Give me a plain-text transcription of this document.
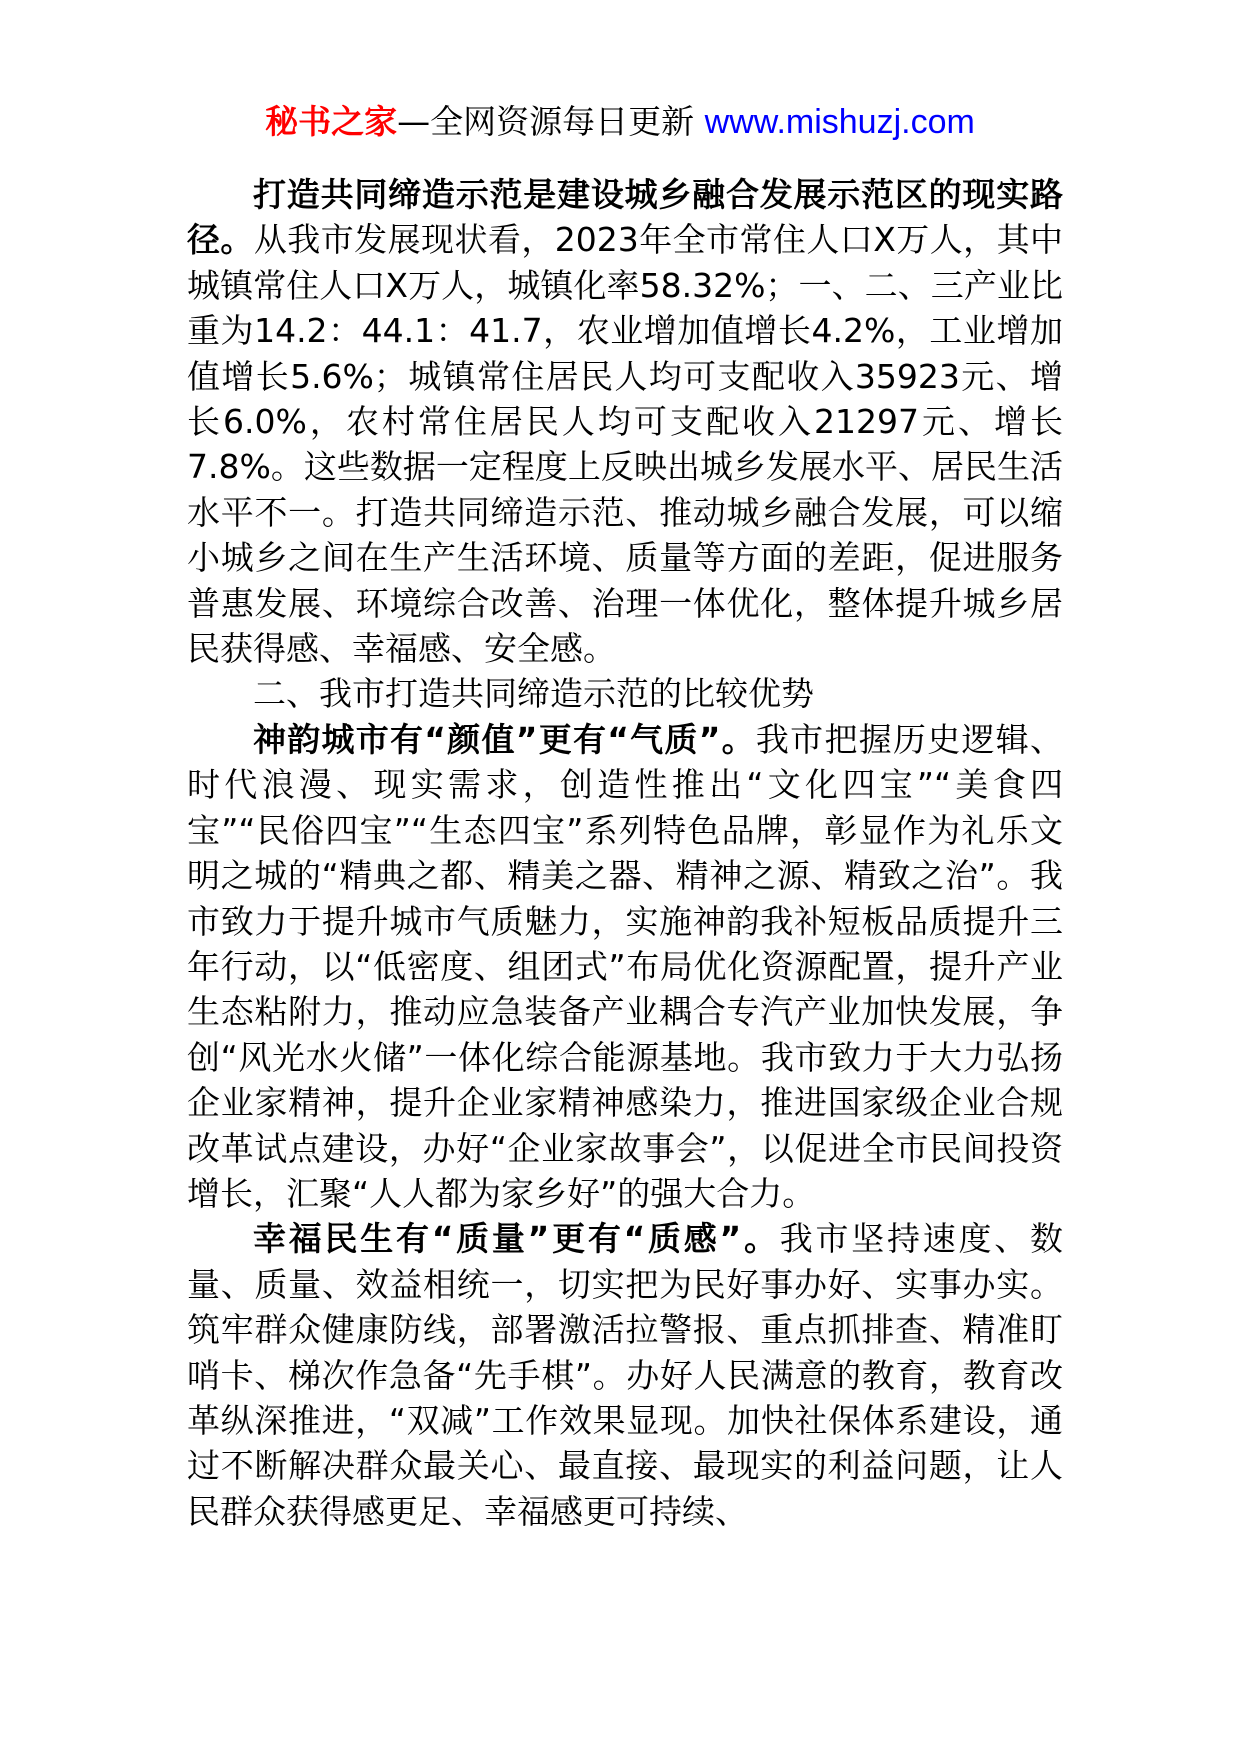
秘书之家—全网资源每日更新 www.mishuzj.com

打造共同缔造示范是建设城乡融合发展示范区的现实路径。从我市发展现状看，2023年全市常住人口X万人，其中城镇常住人口X万人，城镇化率58.32%；一、二、三产业比重为14.2：44.1：41.7，农业增加值增长4.2%，工业增加值增长5.6%；城镇常住居民人均可支配收入35923元、增长6.0%，农村常住居民人均可支配收入21297元、增长7.8%。这些数据一定程度上反映出城乡发展水平、居民生活水平不一。打造共同缔造示范、推动城乡融合发展，可以缩小城乡之间在生产生活环境、质量等方面的差距，促进服务普惠发展、环境综合改善、治理一体优化，整体提升城乡居民获得感、幸福感、安全感。

二、我市打造共同缔造示范的比较优势

神韵城市有“颜值”更有“气质”。我市把握历史逻辑、时代浪漫、现实需求，创造性推出“文化四宝”“美食四宝”“民俗四宝”“生态四宝”系列特色品牌，彰显作为礼乐文明之城的“精典之都、精美之器、精神之源、精致之治”。我市致力于提升城市气质魅力，实施神韵我补短板品质提升三年行动，以“低密度、组团式”布局优化资源配置，提升产业生态粘附力，推动应急装备产业耦合专汽产业加快发展，争创“风光水火储”一体化综合能源基地。我市致力于大力弘扬企业家精神，提升企业家精神感染力，推进国家级企业合规改革试点建设，办好“企业家故事会”，以促进全市民间投资增长，汇聚“人人都为家乡好”的强大合力。

幸福民生有“质量”更有“质感”。我市坚持速度、数量、质量、效益相统一，切实把为民好事办好、实事办实。筑牢群众健康防线，部署激活拉警报、重点抓排查、精准盯哨卡、梯次作急备“先手棋”。办好人民满意的教育，教育改革纵深推进，“双减”工作效果显现。加快社保体系建设，通过不断解决群众最关心、最直接、最现实的利益问题，让人民群众获得感更足、幸福感更可持续、
